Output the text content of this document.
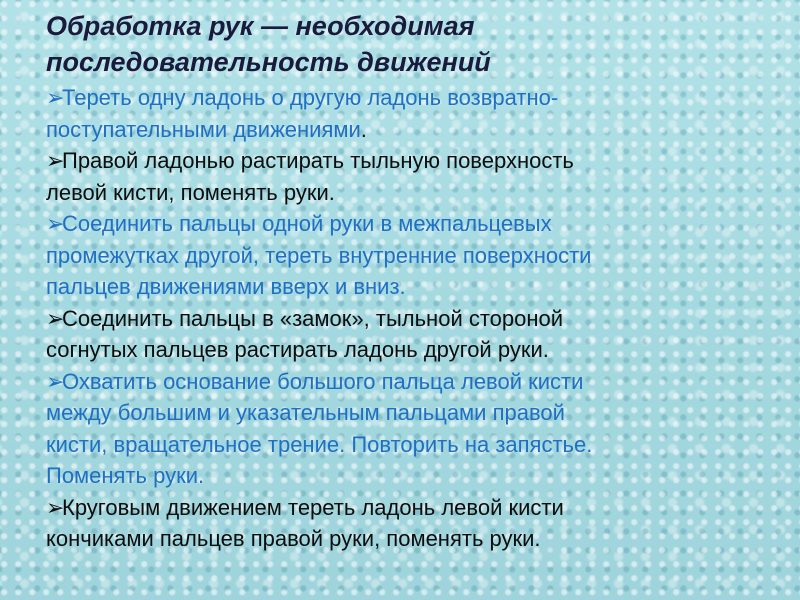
Обработка рук — необходимая
последовательность движений
➢Тереть одну ладонь о другую ладонь возвратно-
поступательными движениями.
➢Правой ладонью растирать тыльную поверхность
левой кисти, поменять руки.
➢Соединить пальцы одной руки в межпальцевых
промежутках другой, тереть внутренние поверхности
пальцев движениями вверх и вниз.
➢Соединить пальцы в «замок», тыльной стороной
согнутых пальцев растирать ладонь другой руки.
➢Охватить основание большого пальца левой кисти
между большим и указательным пальцами правой
кисти, вращательное трение. Повторить на запястье.
Поменять руки.
➢Круговым движением тереть ладонь левой кисти
кончиками пальцев правой руки, поменять руки.
